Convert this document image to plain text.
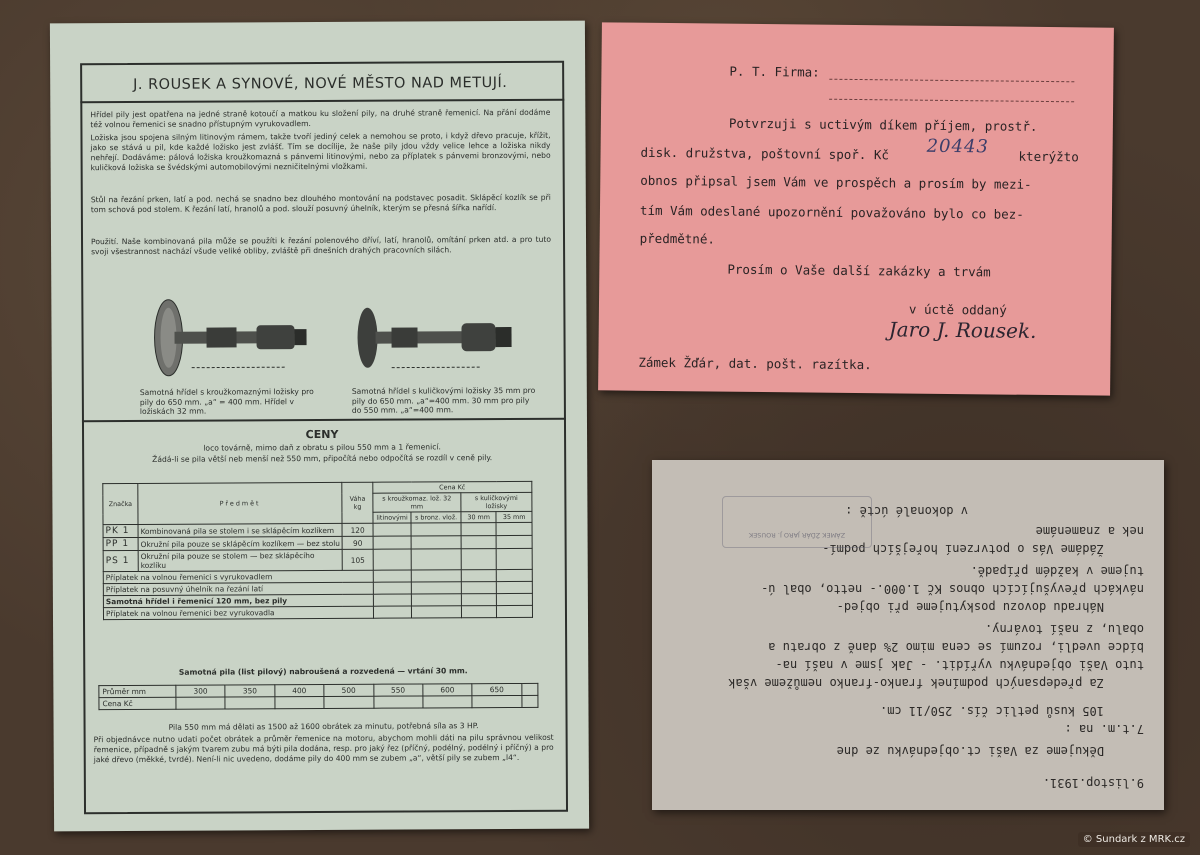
J. ROUSEK A SYNOVÉ, NOVÉ MĚSTO NAD METUJÍ.
Hřídel pily jest opatřena na jedné straně kotoučí a matkou ku složení pily, na druhé straně řemenicí. Na přání dodáme též volnou řemenici se snadno přístupným vyrukovadlem.
Ložiska jsou spojena silným litinovým rámem, takže tvoří jediný celek a nemohou se proto, i když dřevo pracuje, křížit, jako se stává u pil, kde každé ložisko jest zvlášť. Tím se docílije, že naše pily jdou vždy velice lehce a ložiska nikdy nehřejí. Dodáváme: pálová ložiska kroužkomazná s pánvemi litinovými, nebo za příplatek s pánvemi bronzovými, nebo kuličková ložiska se švédskými automobilovými nezničitelnými vložkami.
Stůl na řezání prken, latí a pod. nechá se snadno bez dlouhého montování na podstavec posadit. Sklápěcí kozlík se při tom schová pod stolem. K řezání latí, hranolů a pod. slouží posuvný úhelník, kterým se přesná šířka nařídí.
Použití. Naše kombinovaná pila může se použíti k řezání polenového dříví, latí, hranolů, omítání prken atd. a pro tuto svoji všestrannost nachází všude veliké obliby, zvláště při dnešních drahých pracovních silách.
Samotná hřídel s kroužkomaznými ložisky pro pily do 650 mm. „a“ = 400 mm. Hřídel v ložiskách 32 mm.
Samotná hřídel s kuličkovými ložisky 35 mm pro pily do 650 mm. „a“=400 mm. 30 mm pro pily do 550 mm. „a“=400 mm.
CENY
loco továrně, mimo daň z obratu s pilou 550 mm a 1 řemenicí.
Žádá-li se pila větší neb menší než 550 mm, připočítá nebo odpočítá se rozdíl v ceně pily.
Značka	Předmět	Váha kg	Cena Kč			
			s kroužkomaz. lož. 32 mm		s kuličkovými ložisky	
			litinovými	s bronz. vlož.	30 mm	35 mm
PK 1	Kombinovaná pila se stolem i se sklápěcím kozlíkem	120				
PP 1	Okružní pila pouze se sklápěcím kozlíkem — bez stolu	90				
PS 1	Okružní pila pouze se stolem — bez sklápěcího kozlíku	105				
Příplatek na volnou řemenici s vyrukovadlem						
Příplatek na posuvný úhelník na řezání latí						
Samotná hřídel i řemenicí 120 mm, bez pily						
Příplatek na volnou řemenici bez vyrukovadla						
Samotná pila (list pilový) nabroušená a rozvedená — vrtání 30 mm.
Průměr mm	300	350	400	500	550	600	650	
Cena Kč								
Pila 550 mm má dělati as 1500 až 1600 obrátek za minutu, potřebná síla as 3 HP.
Při objednávce nutno udati počet obrátek a průměr řemenice na motoru, abychom mohli dáti na pilu správnou velikost řemenice, případně s jakým tvarem zubu má býti pila dodána, resp. pro jaký řez (příčný, podélný, podélný i příčný) a pro jaké dřevo (měkké, tvrdé). Není-li nic uvedeno, dodáme pily do 400 mm se zubem „a“, větší pily se zubem „l4“.
P. T. Firma:
Potvrzuji s uctivým díkem příjem, prostř.
disk. družstva, poštovní spoř. Kč 20443 kterýžto
obnos připsal jsem Vám ve prospěch a prosím by mezi-
tím Vám odeslané upozornění považováno bylo co bez-
předmětné.
Prosím o Vaše další zakázky a trvám
v úctě oddaný
Jaro J. Rousek.
Zámek Žďár, dat. pošt. razítka.
9.listop.1931.
Děkujeme za Vaši ct.objednávku ze dne
7.t.m. na :
105 kusů petlic čís. 250/11 cm.
Za předepsaných podmínek franko-franko nemůžeme však
tuto Vaši objednávku vyřídit. - Jak jsme v naší na-
bídce uvedli, rozumí se cena mimo 2% daně z obratu a
obalu, z naší továrny.
Náhradu dovozu poskytujeme při objed-
návkách převyšujících obnos Kč 1.000.- netto, obal ú-
tujeme v každém případě.
Žádáme Vás o potvrzení hořejších podmí-
nek a znamenáme
v dokonalé úctě :
ZÁMEK ŽĎÁR JARO J. ROUSEK
© Sundark z MRK.cz
